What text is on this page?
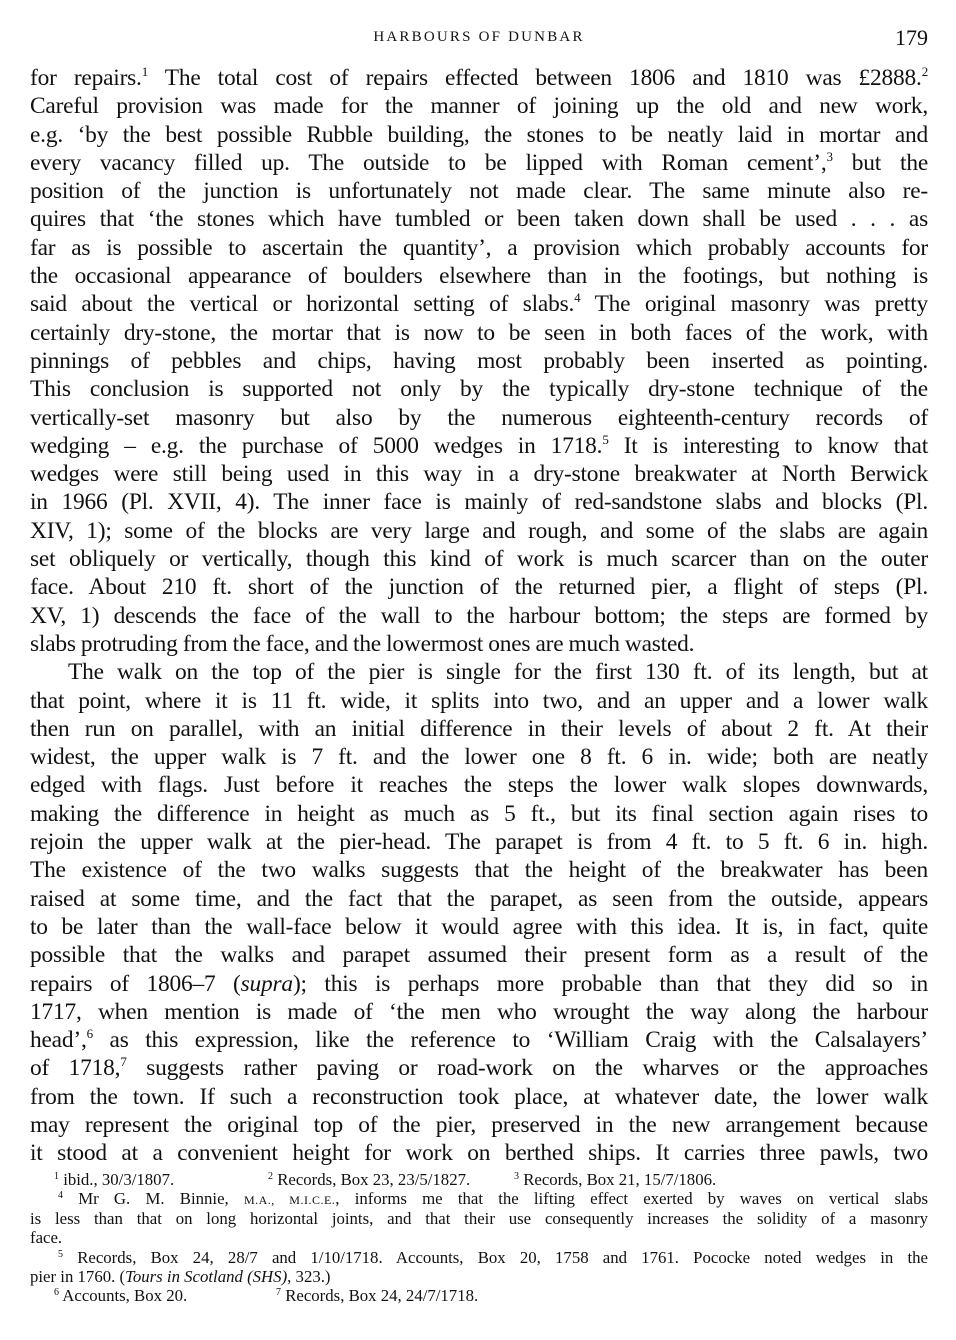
HARBOURS OF DUNBAR	179
for repairs.$^1$ The total cost of repairs effected between 1806 and 1810 was £2888.$^2$
Careful provision was made for the manner of joining up the old and new work,
e.g. ‘by the best possible Rubble building, the stones to be neatly laid in mortar and
every vacancy filled up. The outside to be lipped with Roman cement’,$^3$ but the
position of the junction is unfortunately not made clear. The same minute also re-
quires that ‘the stones which have tumbled or been taken down shall be used . . . as
far as is possible to ascertain the quantity’, a provision which probably accounts for
the occasional appearance of boulders elsewhere than in the footings, but nothing is
said about the vertical or horizontal setting of slabs.$^4$ The original masonry was pretty
certainly dry-stone, the mortar that is now to be seen in both faces of the work, with
pinnings of pebbles and chips, having most probably been inserted as pointing.
This conclusion is supported not only by the typically dry-stone technique of the
vertically-set masonry but also by the numerous eighteenth-century records of
wedging – e.g. the purchase of 5000 wedges in 1718.$^5$ It is interesting to know that
wedges were still being used in this way in a dry-stone breakwater at North Berwick
in 1966 (Pl. XVII, 4). The inner face is mainly of red-sandstone slabs and blocks (Pl.
XIV, 1); some of the blocks are very large and rough, and some of the slabs are again
set obliquely or vertically, though this kind of work is much scarcer than on the outer
face. About 210 ft. short of the junction of the returned pier, a flight of steps (Pl.
XV, 1) descends the face of the wall to the harbour bottom; the steps are formed by
slabs protruding from the face, and the lowermost ones are much wasted.
The walk on the top of the pier is single for the first 130 ft. of its length, but at
that point, where it is 11 ft. wide, it splits into two, and an upper and a lower walk
then run on parallel, with an initial difference in their levels of about 2 ft. At their
widest, the upper walk is 7 ft. and the lower one 8 ft. 6 in. wide; both are neatly
edged with flags. Just before it reaches the steps the lower walk slopes downwards,
making the difference in height as much as 5 ft., but its final section again rises to
rejoin the upper walk at the pier-head. The parapet is from 4 ft. to 5 ft. 6 in. high.
The existence of the two walks suggests that the height of the breakwater has been
raised at some time, and the fact that the parapet, as seen from the outside, appears
to be later than the wall-face below it would agree with this idea. It is, in fact, quite
possible that the walks and parapet assumed their present form as a result of the
repairs of 1806–7 (supra); this is perhaps more probable than that they did so in
1717, when mention is made of ‘the men who wrought the way along the harbour
head’,$^6$ as this expression, like the reference to ‘William Craig with the Calsalayers’
of 1718,$^7$ suggests rather paving or road-work on the wharves or the approaches
from the town. If such a reconstruction took place, at whatever date, the lower walk
may represent the original top of the pier, preserved in the new arrangement because
it stood at a convenient height for work on berthed ships. It carries three pawls, two
$^1$ ibid., 30/3/1807.	$^2$ Records, Box 23, 23/5/1827.	$^3$ Records, Box 21, 15/7/1806.
$^4$ Mr G. M. Binnie, M.A., M.I.C.E., informs me that the lifting effect exerted by waves on vertical slabs
is less than that on long horizontal joints, and that their use consequently increases the solidity of a masonry
face.
$^5$ Records, Box 24, 28/7 and 1/10/1718. Accounts, Box 20, 1758 and 1761. Pococke noted wedges in the
pier in 1760. (Tours in Scotland (SHS), 323.)
$^6$ Accounts, Box 20.	$^7$ Records, Box 24, 24/7/1718.
